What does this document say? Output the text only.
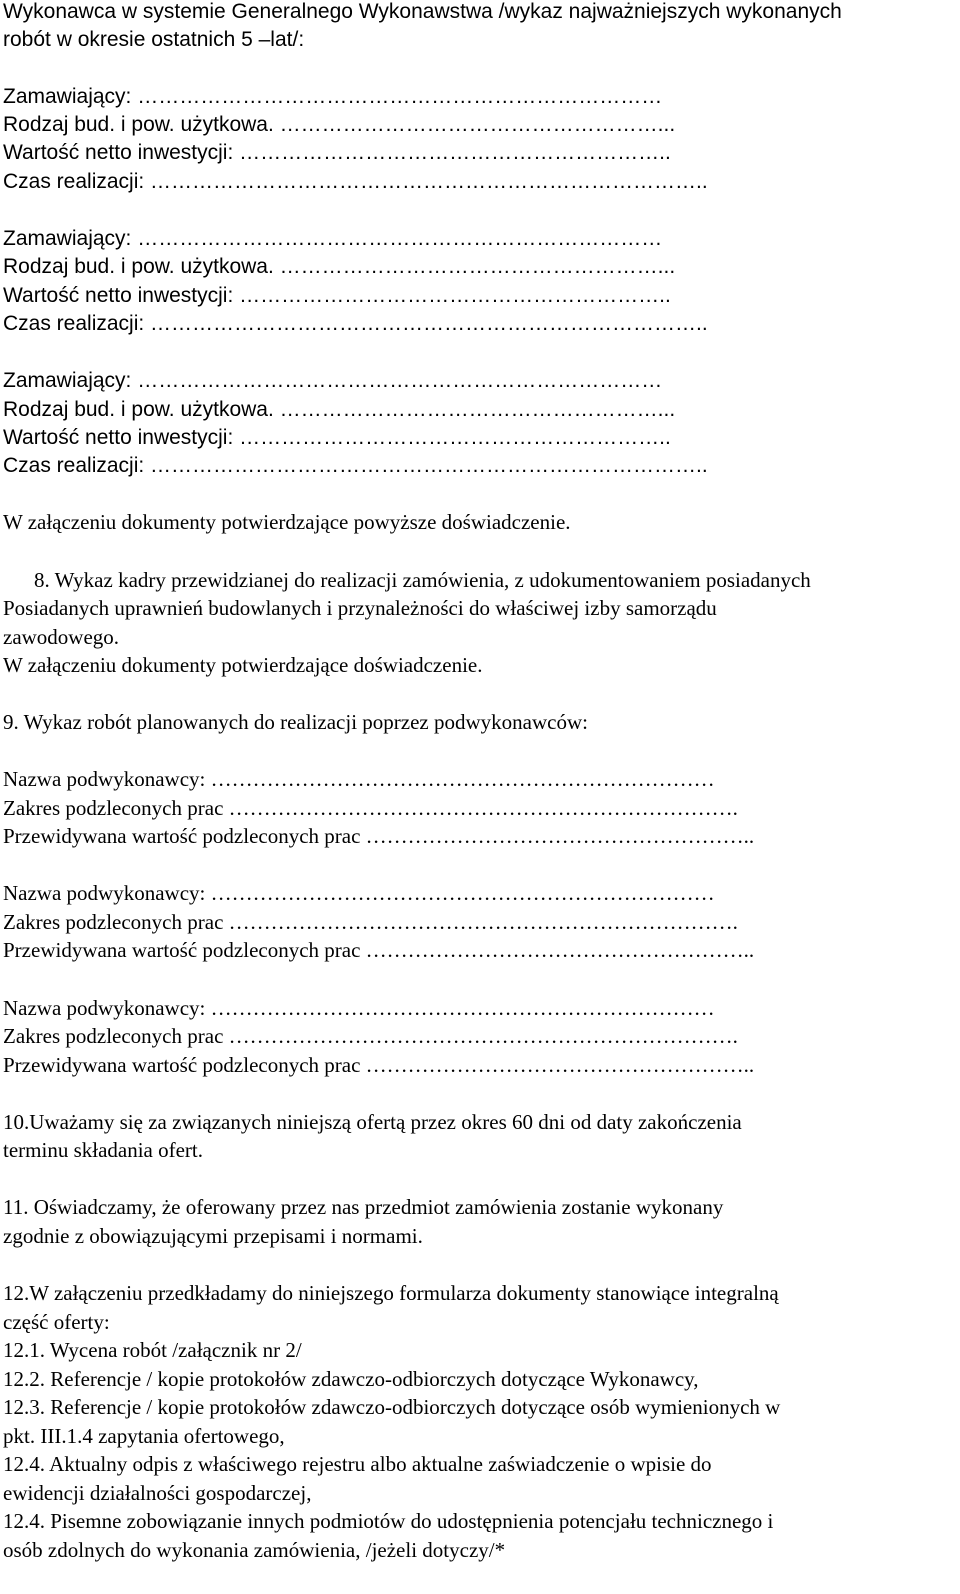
Wykonawca w systemie Generalnego Wykonawstwa /wykaz najważniejszych wykonanych
robót w okresie ostatnich 5 –lat/:
Zamawiający: …………………………………………………………………
Rodzaj bud. i pow. użytkowa. ………………………………………………...
Wartość netto inwestycji: ……………………………………………………..
Czas realizacji: ……………………………………………………………………..
Zamawiający: …………………………………………………………………
Rodzaj bud. i pow. użytkowa. ………………………………………………...
Wartość netto inwestycji: ……………………………………………………..
Czas realizacji: ……………………………………………………………………..
Zamawiający: …………………………………………………………………
Rodzaj bud. i pow. użytkowa. ………………………………………………...
Wartość netto inwestycji: ……………………………………………………..
Czas realizacji: ……………………………………………………………………..
W załączeniu dokumenty potwierdzające powyższe doświadczenie.
8. Wykaz kadry przewidzianej do realizacji zamówienia, z udokumentowaniem posiadanych
Posiadanych uprawnień budowlanych i przynależności do właściwej izby samorządu
zawodowego.
W załączeniu dokumenty potwierdzające doświadczenie.
9. Wykaz robót planowanych do realizacji poprzez podwykonawców:
Nazwa podwykonawcy: ………………………………………………………………
Zakres podzleconych prac ……………………………………………………………….
Przewidywana wartość podzleconych prac ………………………………………………..
Nazwa podwykonawcy: ………………………………………………………………
Zakres podzleconych prac ……………………………………………………………….
Przewidywana wartość podzleconych prac ………………………………………………..
Nazwa podwykonawcy: ………………………………………………………………
Zakres podzleconych prac ……………………………………………………………….
Przewidywana wartość podzleconych prac ………………………………………………..
10.Uważamy się za związanych niniejszą ofertą przez okres 60 dni od daty zakończenia
terminu składania ofert.
11. Oświadczamy, że oferowany przez nas przedmiot zamówienia zostanie wykonany
zgodnie z obowiązującymi przepisami i normami.
12.W załączeniu przedkładamy do niniejszego formularza dokumenty stanowiące integralną
część oferty:
12.1. Wycena robót /załącznik nr 2/
12.2. Referencje / kopie protokołów zdawczo-odbiorczych dotyczące Wykonawcy,
12.3. Referencje / kopie protokołów zdawczo-odbiorczych dotyczące osób wymienionych w
pkt. III.1.4 zapytania ofertowego,
12.4. Aktualny odpis z właściwego rejestru albo aktualne zaświadczenie o wpisie do
ewidencji działalności gospodarczej,
12.4. Pisemne zobowiązanie innych podmiotów do udostępnienia potencjału technicznego i
osób zdolnych do wykonania zamówienia, /jeżeli dotyczy/*
